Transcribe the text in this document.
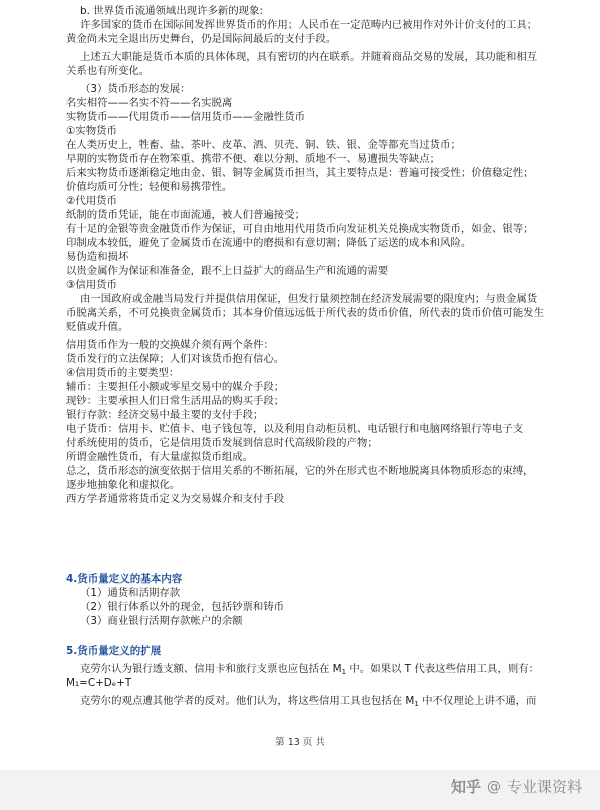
b. 世界货币流通领域出现许多新的现象:
许多国家的货币在国际间发挥世界货币的作用；人民币在一定范畴内已被用作对外计价支付的工具；
黄金尚未完全退出历史舞台，仍是国际间最后的支付手段。
上述五大职能是货币本质的具体体现，具有密切的内在联系。并随着商品交易的发展，其功能和相互
关系也有所变化。
（3）货币形态的发展：
名实相符——名实不符——名实脱离
实物货币——代用货币——信用货币——金融性货币
①实物货币
在人类历史上，牲畜、盐、茶叶、皮革、酒、贝壳、铜、铁、银、金等都充当过货币；
早期的实物货币存在物笨重、携带不便、难以分割、质地不一、易遭损失等缺点；
后来实物货币逐渐稳定地由金、银、铜等金属货币担当，其主要特点是：普遍可接受性；价值稳定性；
价值均质可分性；轻便和易携带性。
②代用货币
纸制的货币凭证，能在市面流通，被人们普遍接受；
有十足的金银等贵金融货币作为保证，可自由地用代用货币向发证机关兑换成实物货币，如金、银等；
印制成本较低，避免了金属货币在流通中的磨损和有意切割；降低了运送的成本和风险。
易伪造和损坏
以贵金属作为保证和准备金，跟不上日益扩大的商品生产和流通的需要
③信用货币
由一国政府或金融当局发行并提供信用保证，但发行量须控制在经济发展需要的限度内；与贵金属货
币脱离关系，不可兑换贵金属货币；其本身价值远远低于所代表的货币价值，所代表的货币价值可能发生
贬值或升值。
信用货币作为一般的交换媒介须有两个条件：
货币发行的立法保障；人们对该货币抱有信心。
④信用货币的主要类型：
辅币：主要担任小额或零星交易中的媒介手段；
现钞：主要承担人们日常生活用品的购买手段；
银行存款：经济交易中最主要的支付手段；
电子货币：信用卡、贮值卡、电子钱包等，以及利用自动柜员机、电话银行和电脑网络银行等电子支
付系统使用的货币，它是信用货币发展到信息时代高级阶段的产物；
所谓金融性货币，有大量虚拟货币组成。
总之，货币形态的演变依据于信用关系的不断拓展，它的外在形式也不断地脱离具体物质形态的束缚，
逐步地抽象化和虚拟化。
西方学者通常将货币定义为交易媒介和支付手段
4.货币量定义的基本内容
（1）通货和活期存款
（2）银行体系以外的现金，包括钞票和铸币
（3）商业银行活期存款帐户的余额
5.货币量定义的扩展
克劳尔认为银行透支额、信用卡和旅行支票也应包括在 $M_1$ 中。如果以 T 代表这些信用工具，则有：
M₁=C+Dₑ+T
克劳尔的观点遭其他学者的反对。他们认为，将这些信用工具也包括在 $M_1$ 中不仅理论上讲不通，而
第 13 页 共
知乎 @ 专业课资料
